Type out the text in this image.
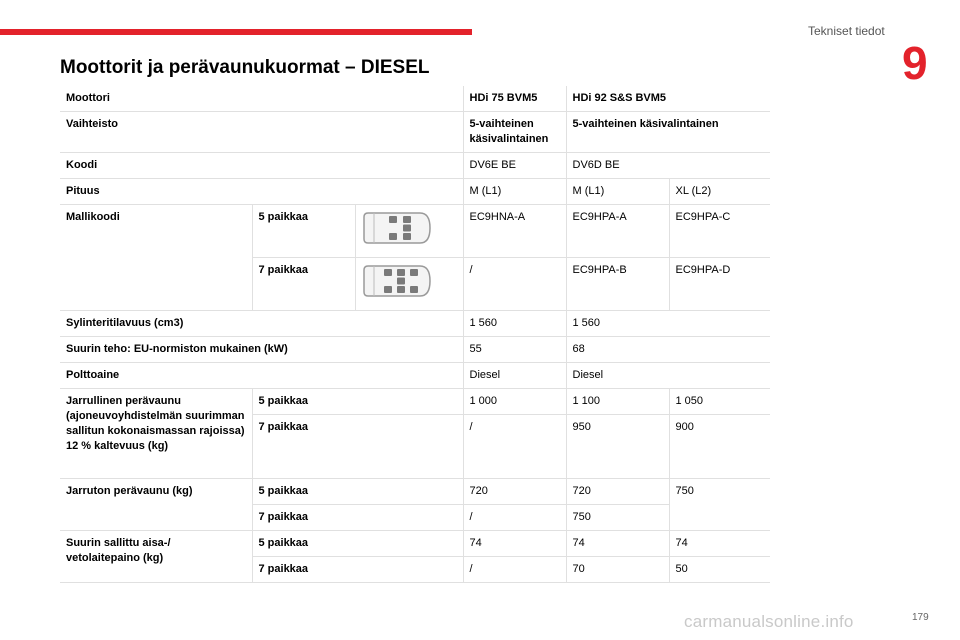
Tekniset tiedot
9
Moottorit ja perävaunukuormat – DIESEL
Moottori			HDi 75 BVM5	HDi 92 S&S BVM5	
Vaihteisto			5-vaihteinen käsivalintainen	5-vaihteinen käsivalintainen	
Koodi			DV6E BE	DV6D BE	
Pituus			M (L1)	M (L1)	XL (L2)
Mallikoodi	5 paikkaa		EC9HNA-A	EC9HPA-A	EC9HPA-C
	7 paikkaa		/	EC9HPA-B	EC9HPA-D
Sylinteritilavuus (cm3)			1 560	1 560	
Suurin teho: EU-normiston mukainen (kW)			55	68	
Polttoaine			Diesel	Diesel	
Jarrullinen perävaunu (ajoneuvoyhdistelmän suurimman sallitun kokonaismassan rajoissa) 12 % kaltevuus (kg)	5 paikkaa		1 000	1 100	1 050
	7 paikkaa		/	950	900
Jarruton perävaunu (kg)	5 paikkaa		720	720	750
	7 paikkaa		/	750	
Suurin sallittu aisa-/ vetolaitepaino (kg)	5 paikkaa		74	74	74
	7 paikkaa		/	70	50
carmanualsonline.info	179
